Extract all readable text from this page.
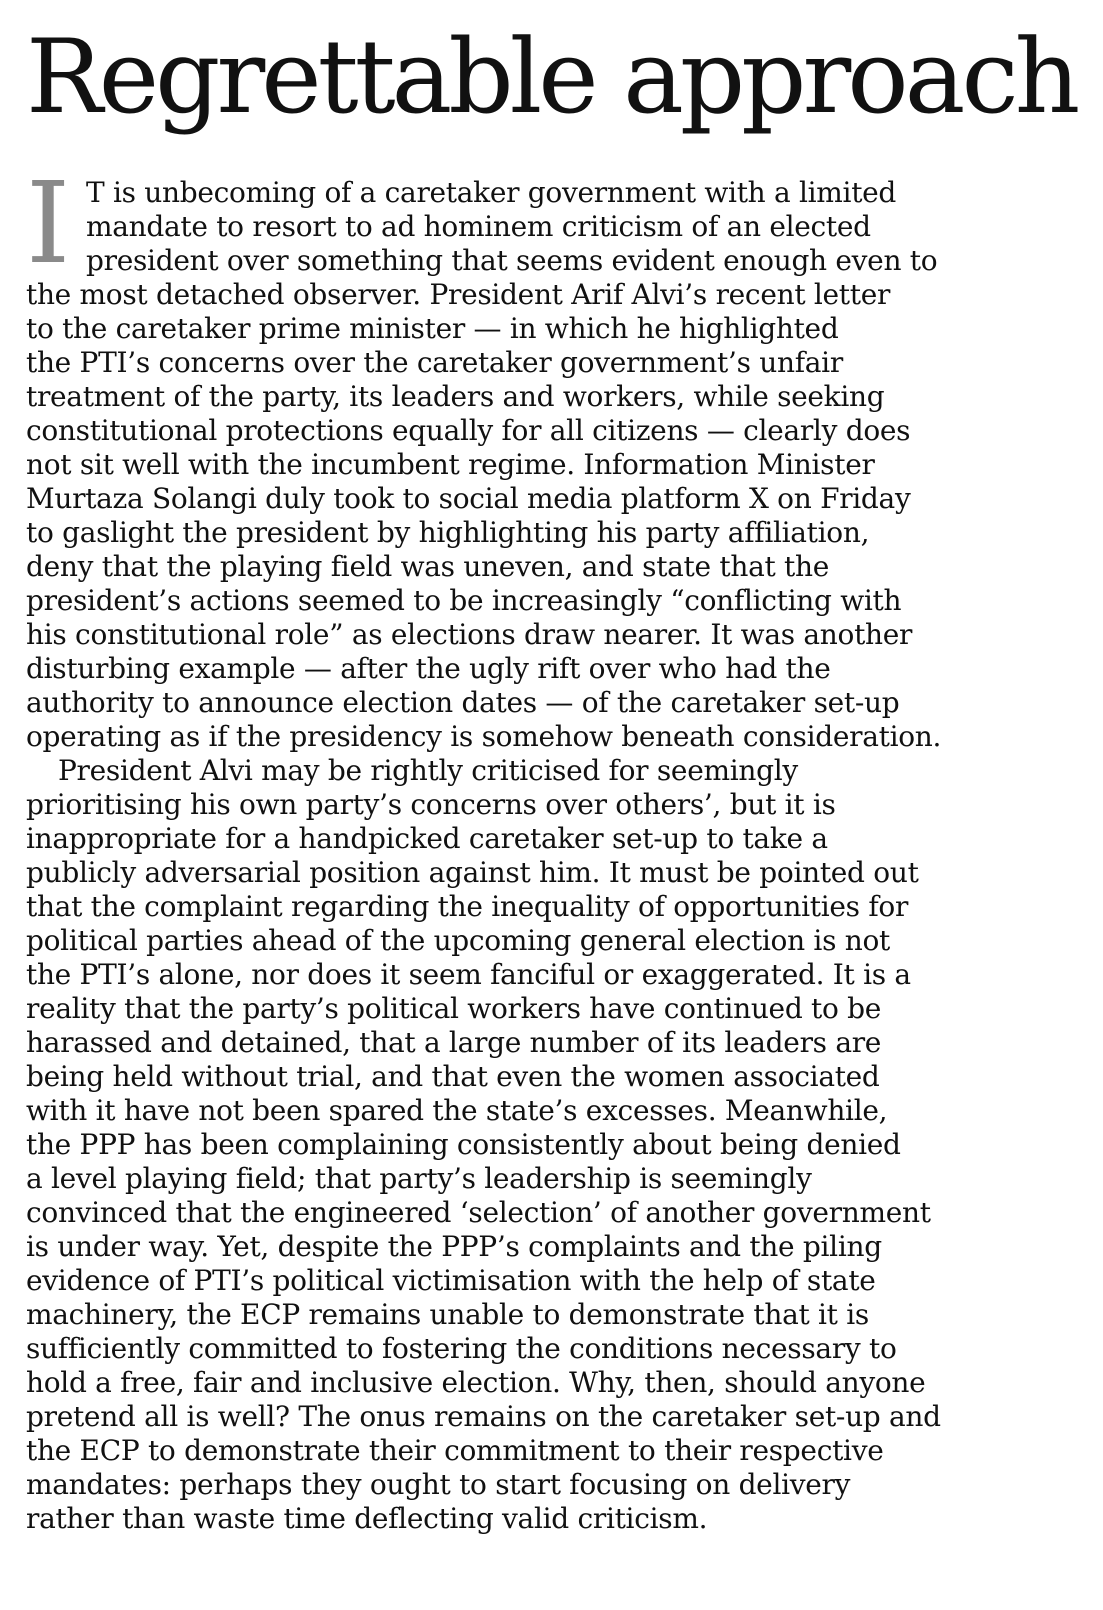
Regrettable approach
I T is unbecoming of a caretaker government with a limited
mandate to resort to ad hominem criticism of an elected
president over something that seems evident enough even to
the most detached observer. President Arif Alvi’s recent letter
to the caretaker prime minister — in which he highlighted
the PTI’s concerns over the caretaker government’s unfair
treatment of the party, its leaders and workers, while seeking
constitutional protections equally for all citizens — clearly does
not sit well with the incumbent regime. Information Minister
Murtaza Solangi duly took to social media platform X on Friday
to gaslight the president by highlighting his party affiliation,
deny that the playing field was uneven, and state that the
president’s actions seemed to be increasingly “conflicting with
his constitutional role” as elections draw nearer. It was another
disturbing example — after the ugly rift over who had the
authority to announce election dates — of the caretaker set-up
operating as if the presidency is somehow beneath consideration.
President Alvi may be rightly criticised for seemingly
prioritising his own party’s concerns over others’, but it is
inappropriate for a handpicked caretaker set-up to take a
publicly adversarial position against him. It must be pointed out
that the complaint regarding the inequality of opportunities for
political parties ahead of the upcoming general election is not
the PTI’s alone, nor does it seem fanciful or exaggerated. It is a
reality that the party’s political workers have continued to be
harassed and detained, that a large number of its leaders are
being held without trial, and that even the women associated
with it have not been spared the state’s excesses. Meanwhile,
the PPP has been complaining consistently about being denied
a level playing field; that party’s leadership is seemingly
convinced that the engineered ‘selection’ of another government
is under way. Yet, despite the PPP’s complaints and the piling
evidence of PTI’s political victimisation with the help of state
machinery, the ECP remains unable to demonstrate that it is
sufficiently committed to fostering the conditions necessary to
hold a free, fair and inclusive election. Why, then, should anyone
pretend all is well? The onus remains on the caretaker set-up and
the ECP to demonstrate their commitment to their respective
mandates: perhaps they ought to start focusing on delivery
rather than waste time deflecting valid criticism.
